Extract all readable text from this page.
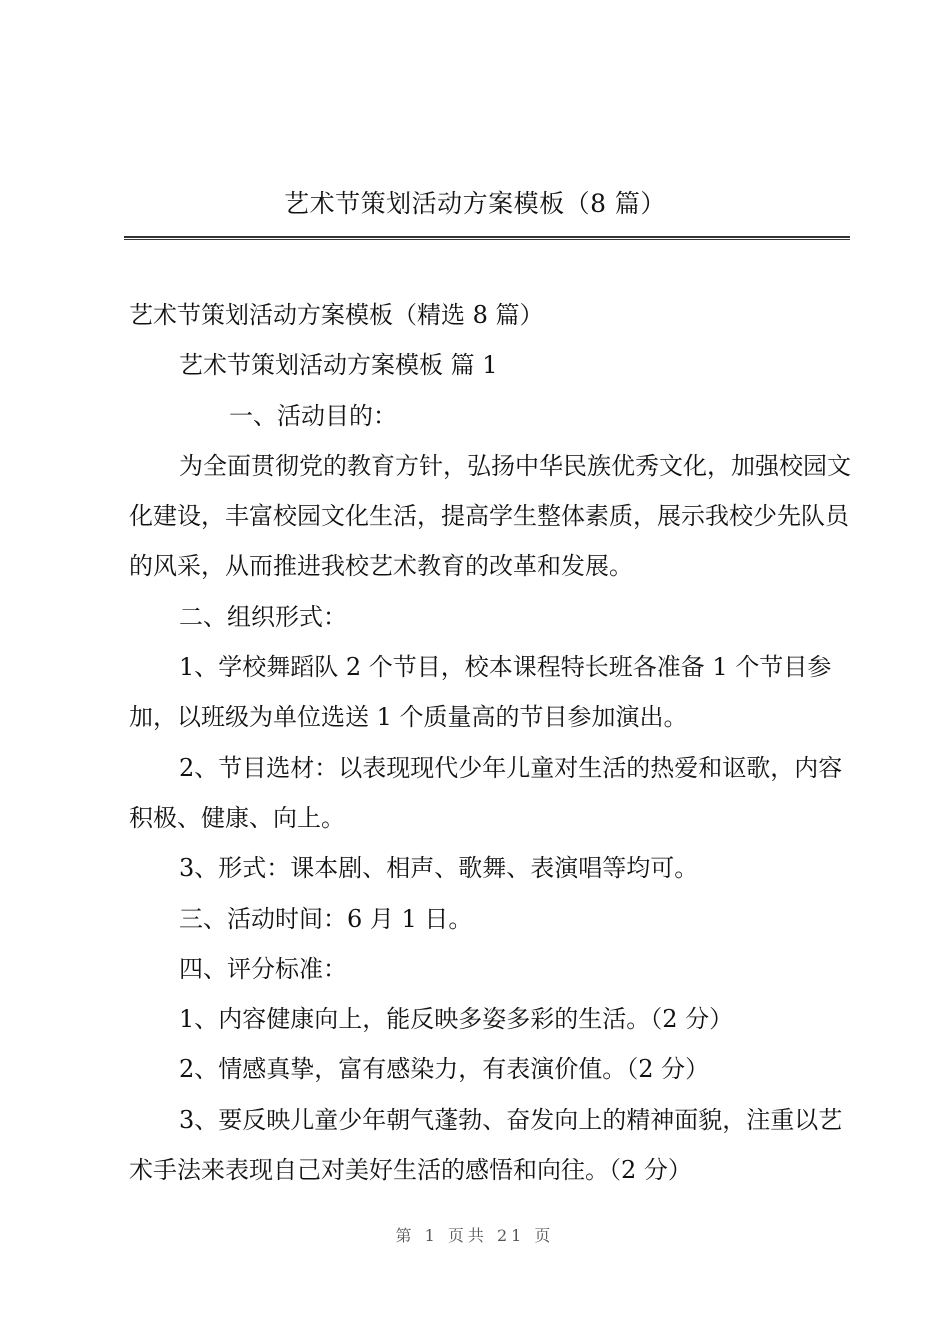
艺术节策划活动方案模板（8 篇）

艺术节策划活动方案模板（精选 8 篇）

艺术节策划活动方案模板 篇 1

一、活动目的：

为全面贯彻党的教育方针，弘扬中华民族优秀文化，加强校园文化建设，丰富校园文化生活，提高学生整体素质，展示我校少先队员的风采，从而推进我校艺术教育的改革和发展。

二、组织形式：

1、学校舞蹈队 2 个节目，校本课程特长班各准备 1 个节目参加，以班级为单位选送 1 个质量高的节目参加演出。

2、节目选材：以表现现代少年儿童对生活的热爱和讴歌，内容积极、健康、向上。

3、形式：课本剧、相声、歌舞、表演唱等均可。

三、活动时间：6 月 1 日。

四、评分标准：

1、内容健康向上，能反映多姿多彩的生活。（2 分）

2、情感真挚，富有感染力，有表演价值。（2 分）

3、要反映儿童少年朝气蓬勃、奋发向上的精神面貌，注重以艺术手法来表现自己对美好生活的感悟和向往。（2 分）

第 1 页共 21 页
